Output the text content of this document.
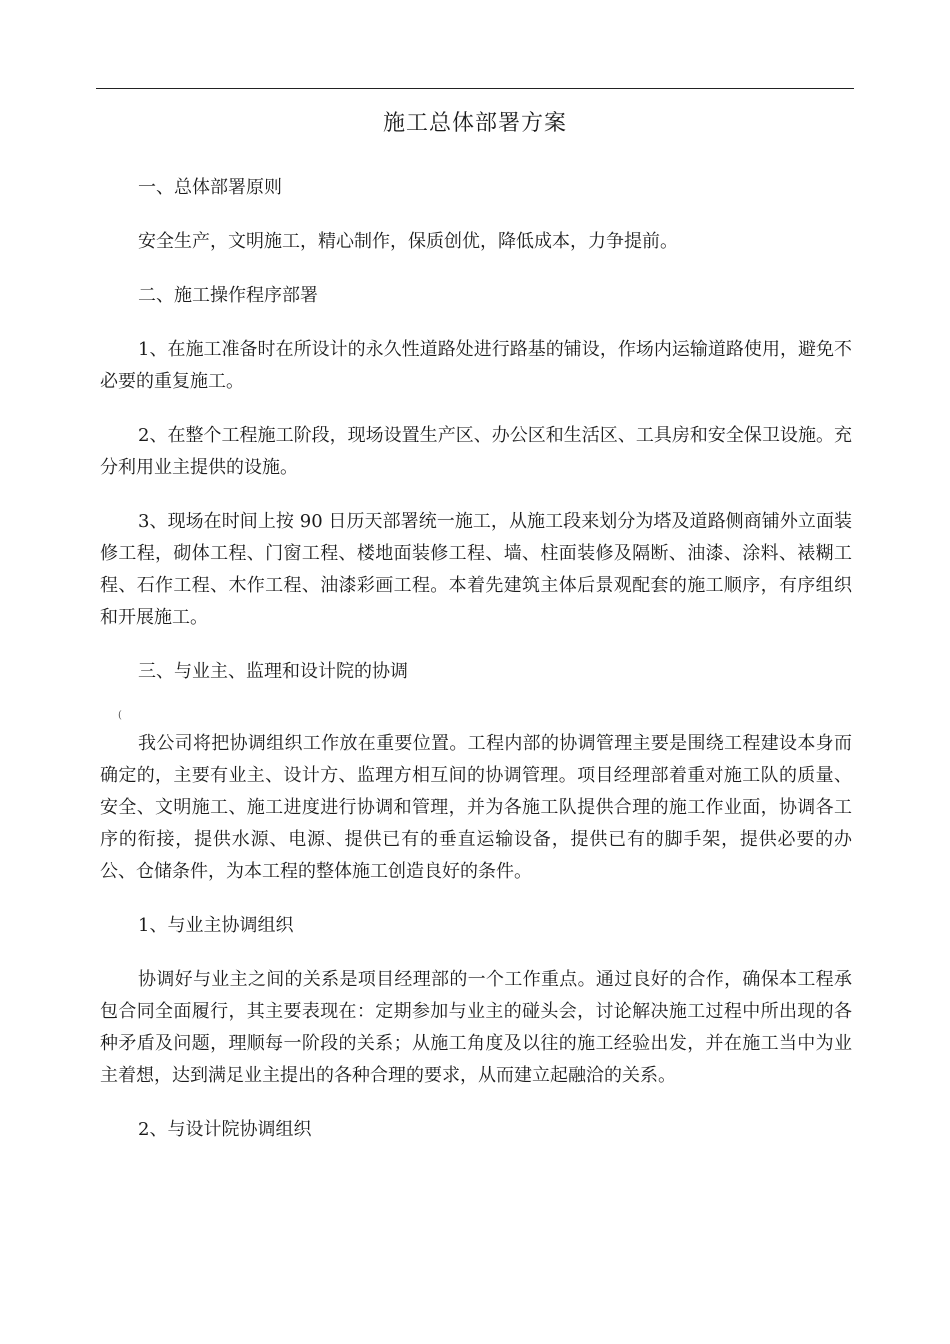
施工总体部署方案

一、总体部署原则

安全生产，文明施工，精心制作，保质创优，降低成本，力争提前。

二、施工操作程序部署

1、在施工准备时在所设计的永久性道路处进行路基的铺设，作场内运输道路使用，避免不必要的重复施工。

2、在整个工程施工阶段，现场设置生产区、办公区和生活区、工具房和安全保卫设施。充分利用业主提供的设施。

3、现场在时间上按 90 日历天部署统一施工，从施工段来划分为塔及道路侧商铺外立面装修工程，砌体工程、门窗工程、楼地面装修工程、墙、柱面装修及隔断、油漆、涂料、裱糊工程、石作工程、木作工程、油漆彩画工程。本着先建筑主体后景观配套的施工顺序，有序组织和开展施工。

三、与业主、监理和设计院的协调

(

我公司将把协调组织工作放在重要位置。工程内部的协调管理主要是围绕工程建设本身而确定的，主要有业主、设计方、监理方相互间的协调管理。项目经理部着重对施工队的质量、安全、文明施工、施工进度进行协调和管理，并为各施工队提供合理的施工作业面，协调各工序的衔接，提供水源、电源、提供已有的垂直运输设备，提供已有的脚手架，提供必要的办公、仓储条件，为本工程的整体施工创造良好的条件。

1、与业主协调组织

协调好与业主之间的关系是项目经理部的一个工作重点。通过良好的合作，确保本工程承包合同全面履行，其主要表现在：定期参加与业主的碰头会，讨论解决施工过程中所出现的各种矛盾及问题，理顺每一阶段的关系；从施工角度及以往的施工经验出发，并在施工当中为业主着想，达到满足业主提出的各种合理的要求，从而建立起融洽的关系。

2、与设计院协调组织
